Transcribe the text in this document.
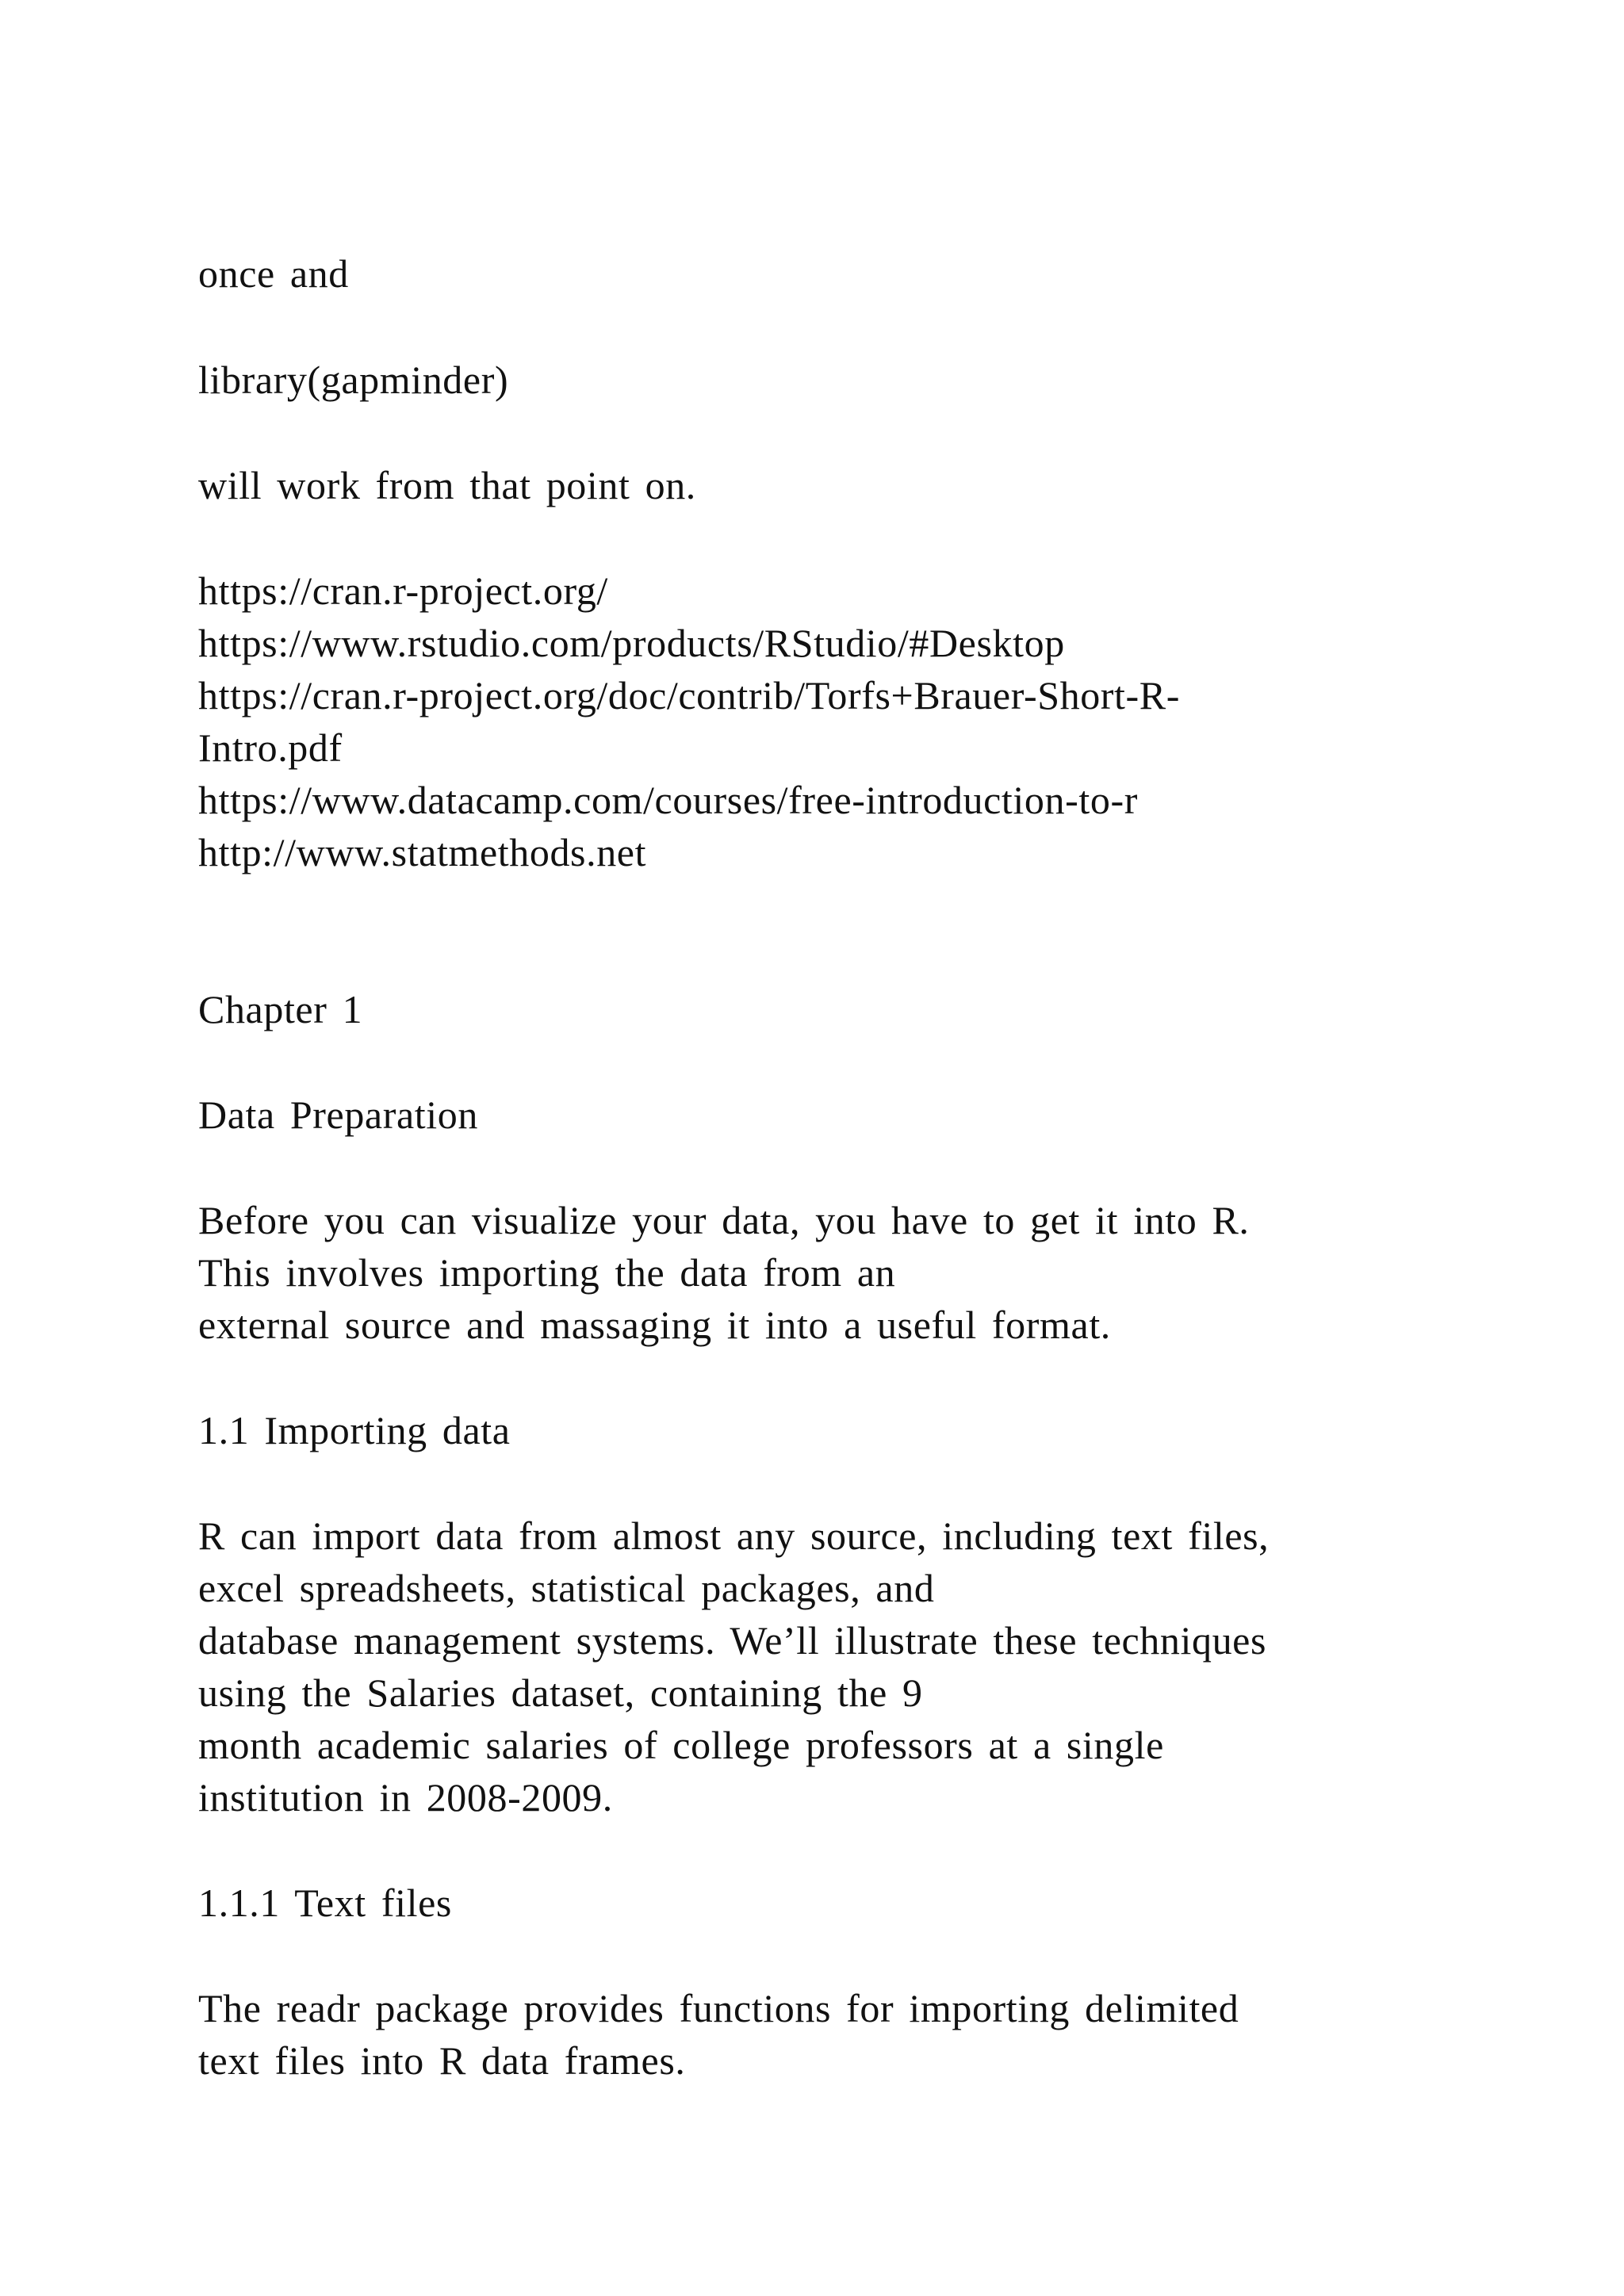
once and

library(gapminder)

will work from that point on.

https://cran.r-project.org/

https://www.rstudio.com/products/RStudio/#Desktop

https://cran.r-project.org/doc/contrib/Torfs+Brauer-Short-R-

Intro.pdf

https://www.datacamp.com/courses/free-introduction-to-r

http://www.statmethods.net

Chapter 1

Data Preparation

Before you can visualize your data, you have to get it into R.

This involves importing the data from an

external source and massaging it into a useful format.

1.1 Importing data

R can import data from almost any source, including text files,

excel spreadsheets, statistical packages, and

database management systems. We’ll illustrate these techniques

using the Salaries dataset, containing the 9

month academic salaries of college professors at a single

institution in 2008-2009.

1.1.1 Text files

The readr package provides functions for importing delimited

text files into R data frames.
